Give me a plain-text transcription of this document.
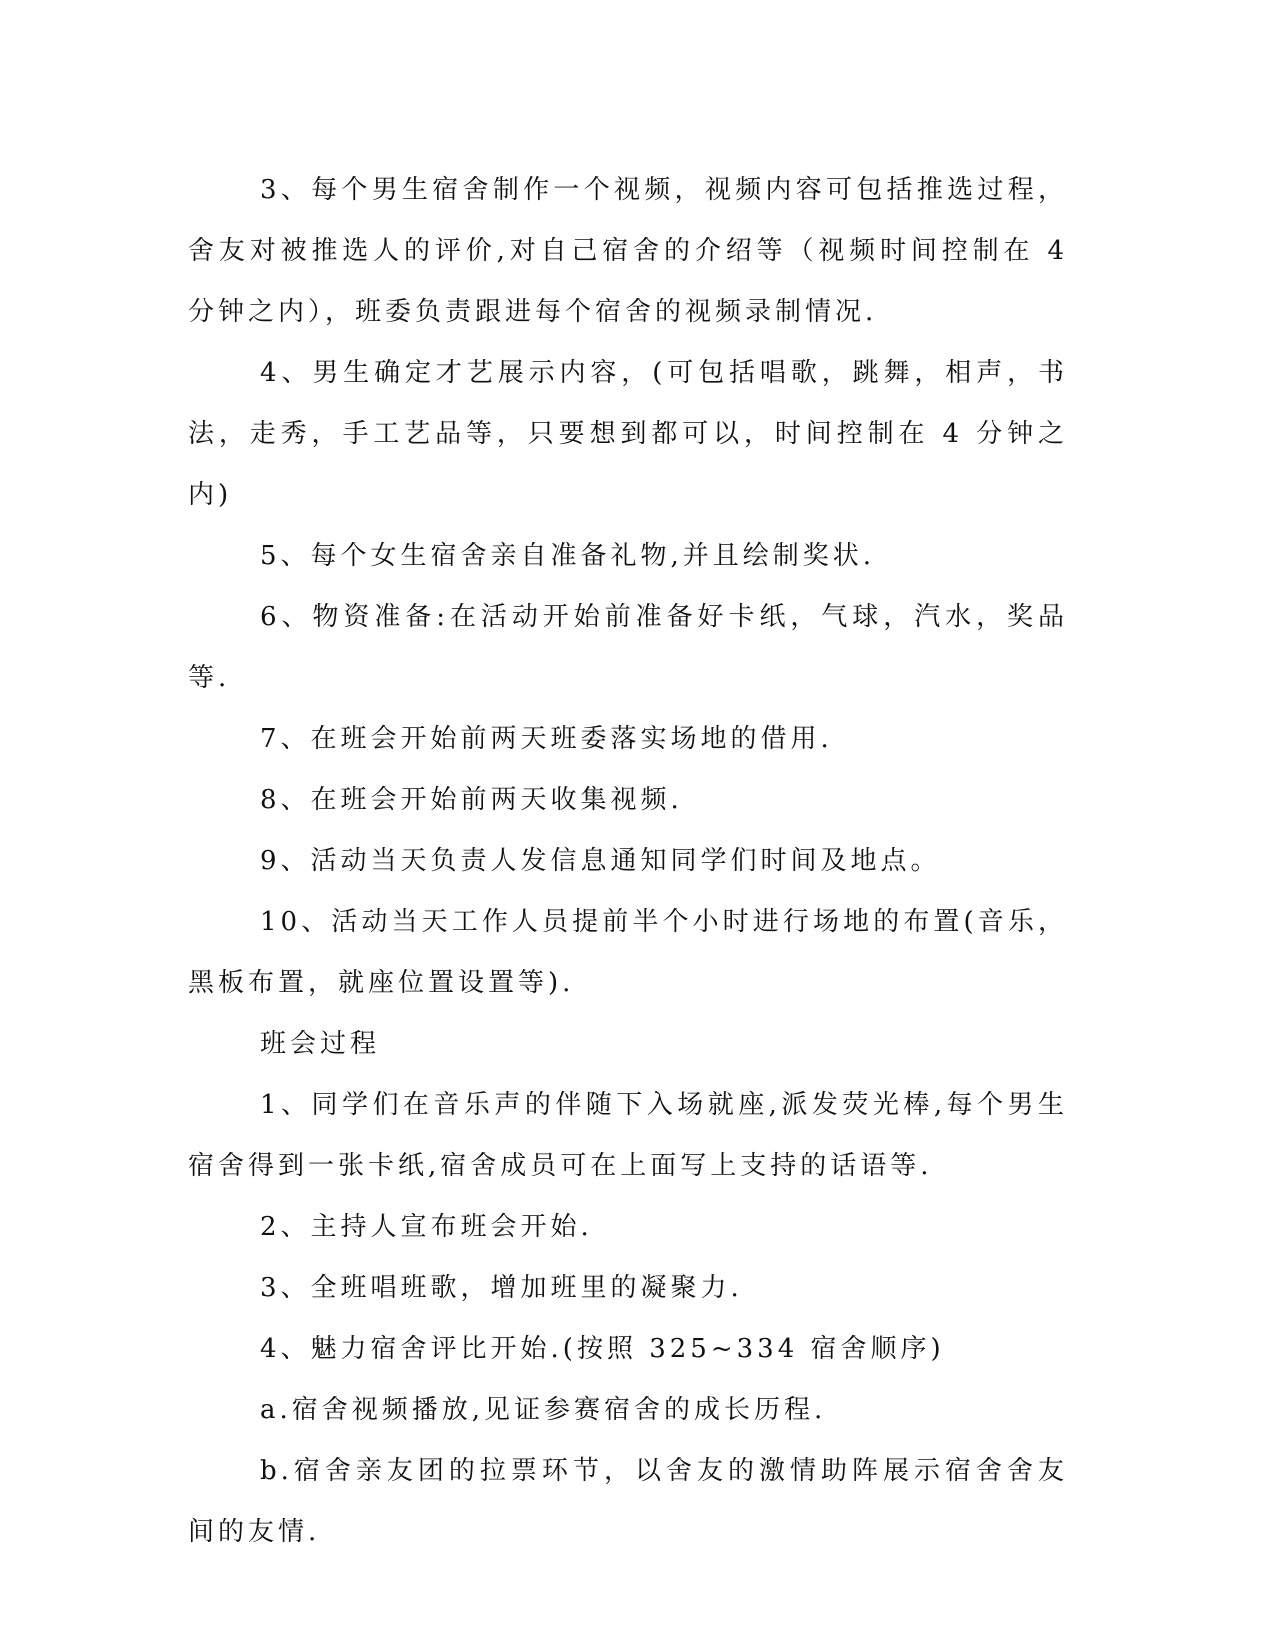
3、每个男生宿舍制作一个视频，视频内容可包括推选过程，舍友对被推选人的评价,对自己宿舍的介绍等（视频时间控制在 4 分钟之内），班委负责跟进每个宿舍的视频录制情况.

4、男生确定才艺展示内容，(可包括唱歌，跳舞，相声，书法，走秀，手工艺品等，只要想到都可以，时间控制在 4 分钟之内)

5、每个女生宿舍亲自准备礼物,并且绘制奖状.

6、物资准备:在活动开始前准备好卡纸，气球，汽水，奖品等.

7、在班会开始前两天班委落实场地的借用.

8、在班会开始前两天收集视频.

9、活动当天负责人发信息通知同学们时间及地点。

10、活动当天工作人员提前半个小时进行场地的布置(音乐，黑板布置，就座位置设置等).

班会过程

1、同学们在音乐声的伴随下入场就座,派发荧光棒,每个男生宿舍得到一张卡纸,宿舍成员可在上面写上支持的话语等.

2、主持人宣布班会开始.

3、全班唱班歌，增加班里的凝聚力.

4、魅力宿舍评比开始.(按照 325~334 宿舍顺序)

a.宿舍视频播放,见证参赛宿舍的成长历程.

b.宿舍亲友团的拉票环节，以舍友的激情助阵展示宿舍舍友间的友情.
